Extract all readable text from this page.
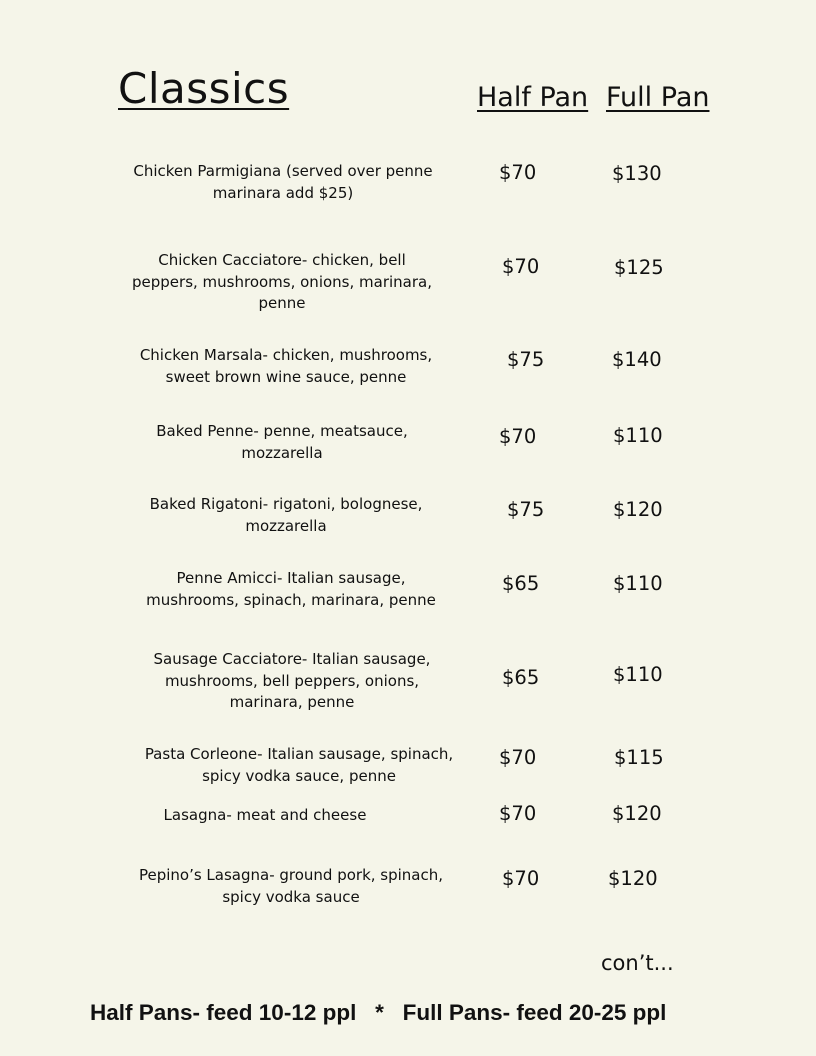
Classics	Half Pan Full Pan
Chicken Parmigiana (served over penne marinara add $25)
$70	$130
Chicken Cacciatore- chicken, bell peppers, mushrooms, onions, marinara, penne
$70	$125
Chicken Marsala- chicken, mushrooms, sweet brown wine sauce, penne
$75	$140
Baked Penne- penne, meatsauce, mozzarella
$70	$110
Baked Rigatoni- rigatoni, bolognese, mozzarella
$75	$120
Penne Amicci- Italian sausage, mushrooms, spinach, marinara, penne
$65	$110
Sausage Cacciatore- Italian sausage, mushrooms, bell peppers, onions, marinara, penne
$65	$110
Pasta Corleone- Italian sausage, spinach, spicy vodka sauce, penne
$70	$115
Lasagna- meat and cheese	$70	$120
Pepino’s Lasagna- ground pork, spinach, spicy vodka sauce
$70	$120
con’t...
Half Pans- feed 10-12 ppl   *   Full Pans- feed 20-25 ppl
